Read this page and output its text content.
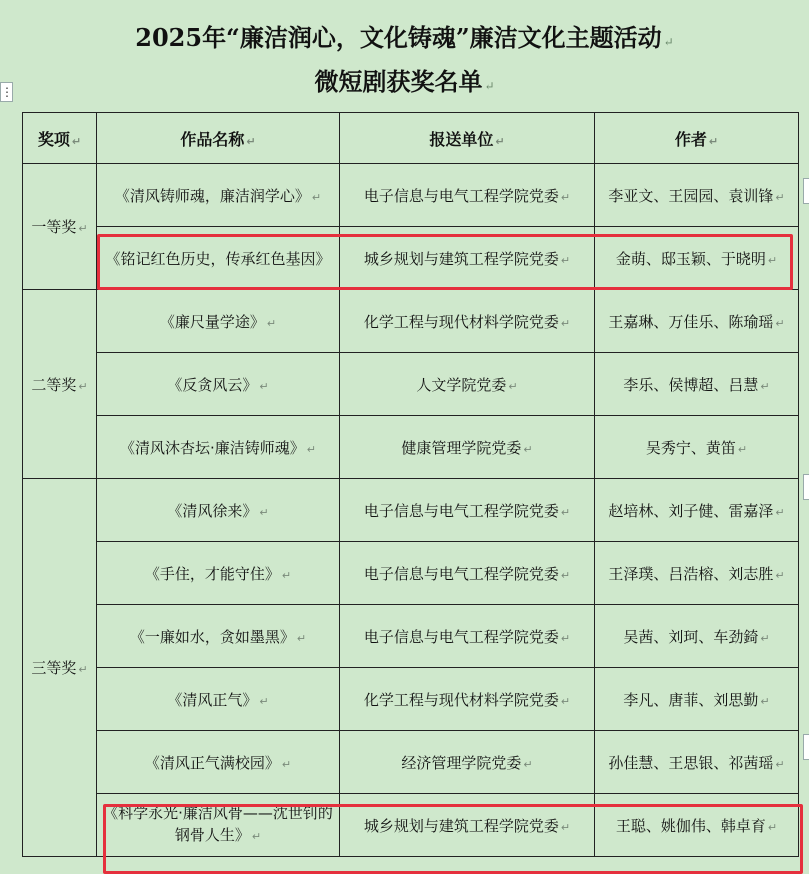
2025年“廉洁润心，文化铸魂”廉洁文化主题活动 ↵
微短剧获奖名单 ↵
⋮
奖项 ↵	作品名称 ↵	报送单位 ↵	作者 ↵
一等奖 ↵	《清风铸师魂，廉洁润学心》 ↵	电子信息与电气工程学院党委 ↵	李亚文、王园园、袁训锋 ↵
	《铭记红色历史，传承红色基因》	城乡规划与建筑工程学院党委 ↵	金萌、邸玉颖、于晓明 ↵
二等奖 ↵	《廉尺量学途》 ↵	化学工程与现代材料学院党委 ↵	王嘉琳、万佳乐、陈瑜瑶 ↵
	《反贪风云》 ↵	人文学院党委 ↵	李乐、侯博超、吕慧 ↵
	《清风沐杏坛·廉洁铸师魂》 ↵	健康管理学院党委 ↵	吴秀宁、黄笛 ↵
三等奖 ↵	《清风徐来》 ↵	电子信息与电气工程学院党委 ↵	赵培林、刘子健、雷嘉泽 ↵
	《手住，才能守住》 ↵	电子信息与电气工程学院党委 ↵	王泽璞、吕浩榕、刘志胜 ↵
	《一廉如水，贪如墨黑》 ↵	电子信息与电气工程学院党委 ↵	吴茜、刘珂、车劲錡 ↵
	《清风正气》 ↵	化学工程与现代材料学院党委 ↵	李凡、唐菲、刘思勤 ↵
	《清风正气满校园》 ↵	经济管理学院党委 ↵	孙佳慧、王思银、祁茜瑶 ↵
	《科学永光·廉洁风骨——沈世钊的钢骨人生》 ↵	城乡规划与建筑工程学院党委 ↵	王聪、姚伽伟、韩卓育 ↵
